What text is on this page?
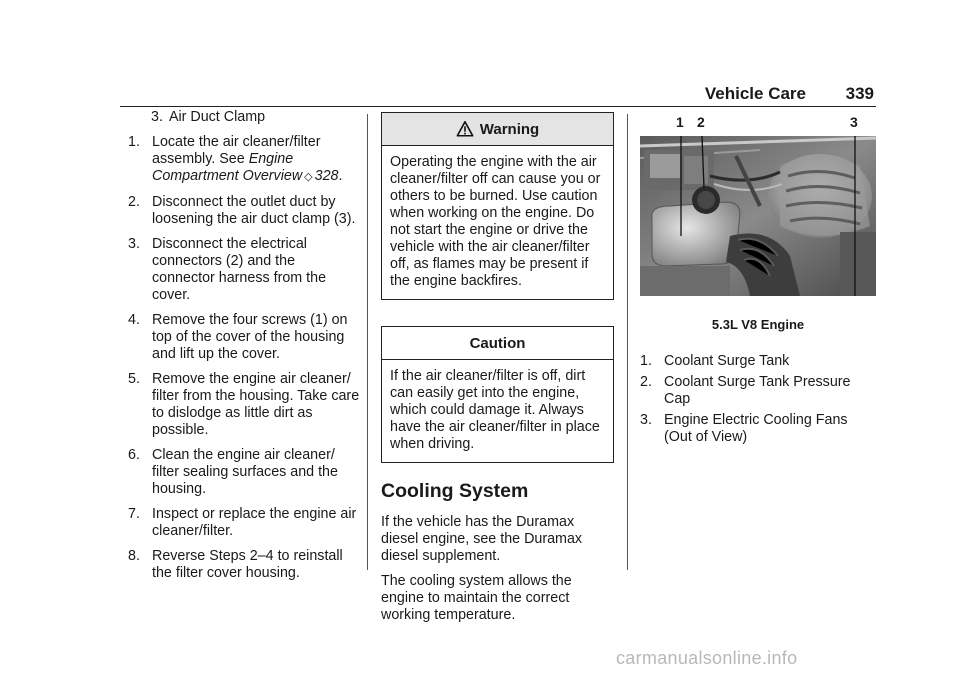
Vehicle Care 339
3. Air Duct Clamp
1. Locate the air cleaner/filter assembly. See Engine Compartment Overview ◇ 328.
2. Disconnect the outlet duct by loosening the air duct clamp (3).
3. Disconnect the electrical connectors (2) and the connector harness from the cover.
4. Remove the four screws (1) on top of the cover of the housing and lift up the cover.
5. Remove the engine air cleaner/ filter from the housing. Take care to dislodge as little dirt as possible.
6. Clean the engine air cleaner/ filter sealing surfaces and the housing.
7. Inspect or replace the engine air cleaner/filter.
8. Reverse Steps 2–4 to reinstall the filter cover housing.
Warning
Operating the engine with the air cleaner/filter off can cause you or others to be burned. Use caution when working on the engine. Do not start the engine or drive the vehicle with the air cleaner/filter off, as flames may be present if the engine backfires.
Caution
If the air cleaner/filter is off, dirt can easily get into the engine, which could damage it. Always have the air cleaner/filter in place when driving.
Cooling System

If the vehicle has the Duramax diesel engine, see the Duramax diesel supplement.

The cooling system allows the engine to maintain the correct working temperature.

1 2	3
5.3L V8 Engine
1. Coolant Surge Tank
2. Coolant Surge Tank Pressure Cap
3. Engine Electric Cooling Fans (Out of View)
carmanualsonline.info
